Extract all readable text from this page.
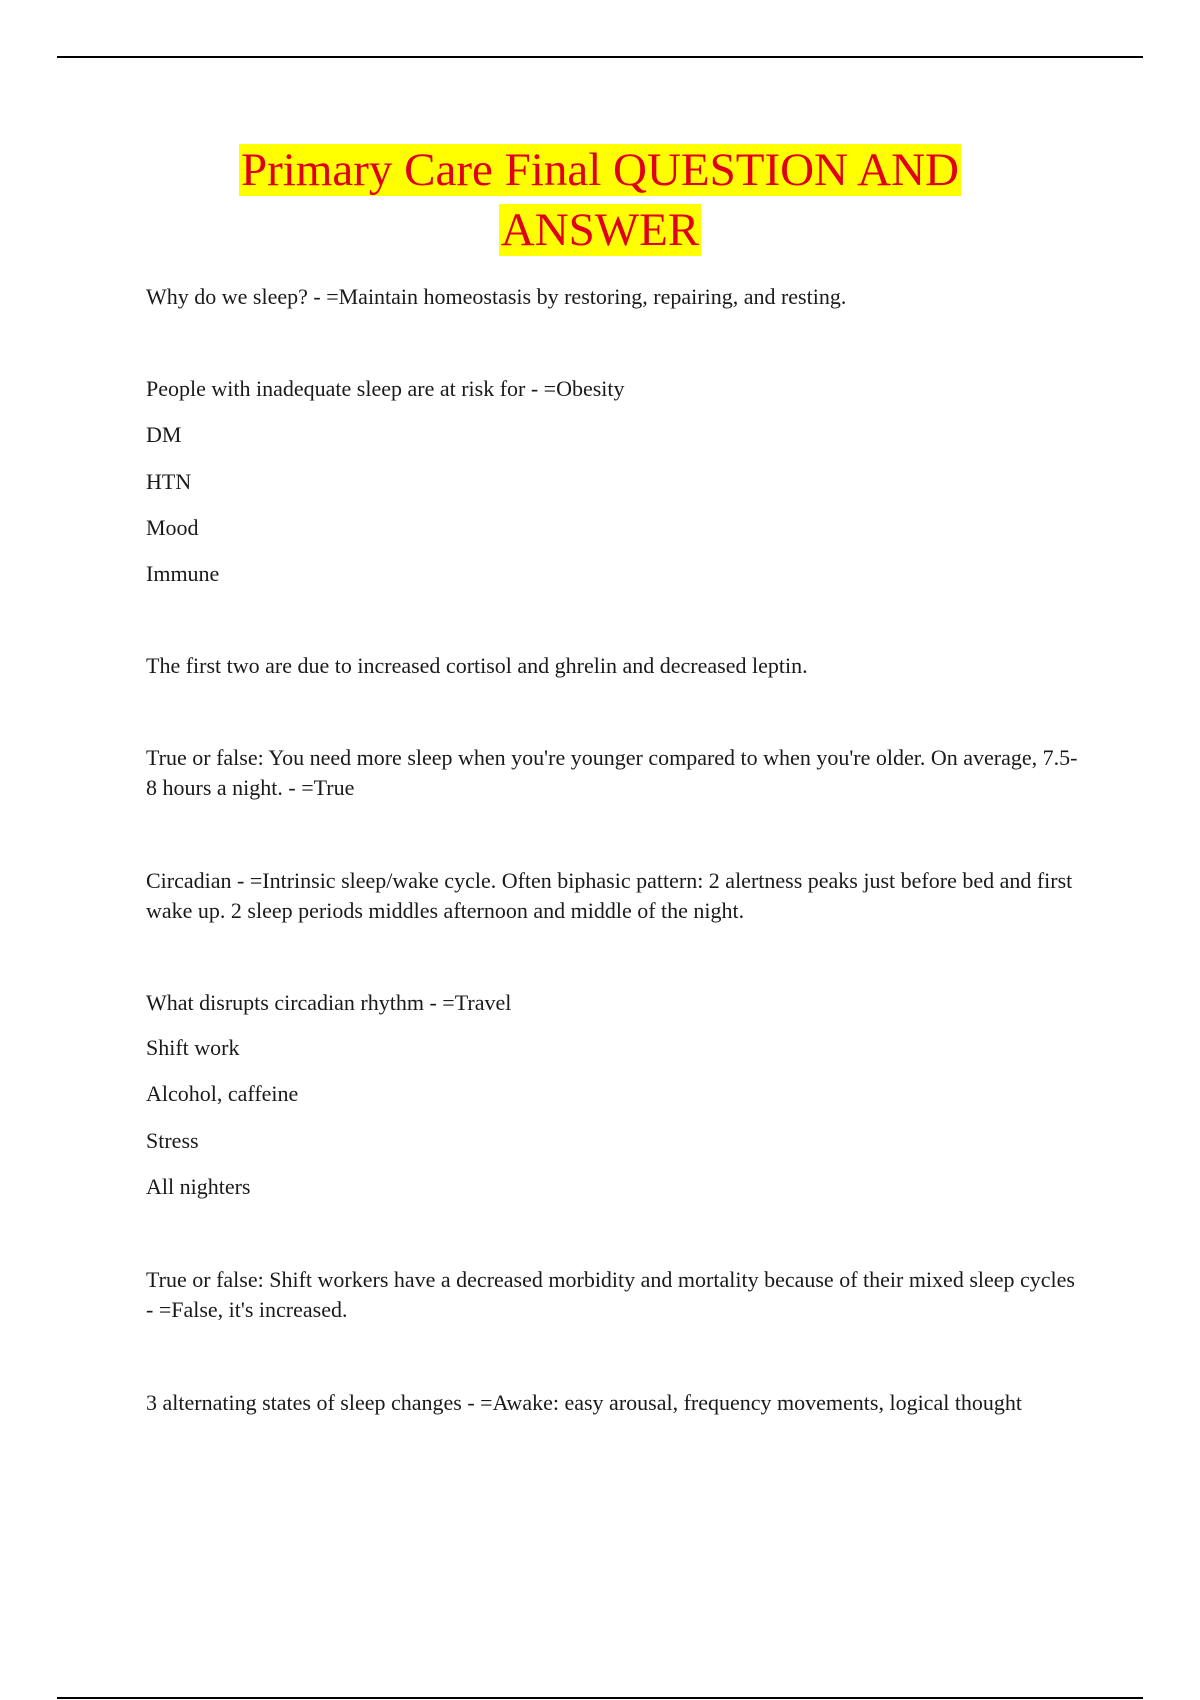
Primary Care Final QUESTION AND
ANSWER

Why do we sleep? - =Maintain homeostasis by restoring, repairing, and resting.

People with inadequate sleep are at risk for - =Obesity

DM

HTN

Mood

Immune

The first two are due to increased cortisol and ghrelin and decreased leptin.

True or false: You need more sleep when you're younger compared to when you're older. On average, 7.5-8 hours a night. - =True

Circadian - =Intrinsic sleep/wake cycle. Often biphasic pattern: 2 alertness peaks just before bed and first wake up. 2 sleep periods middles afternoon and middle of the night.

What disrupts circadian rhythm - =Travel

Shift work

Alcohol, caffeine

Stress

All nighters

True or false: Shift workers have a decreased morbidity and mortality because of their mixed sleep cycles - =False, it's increased.

3 alternating states of sleep changes - =Awake: easy arousal, frequency movements, logical thought
